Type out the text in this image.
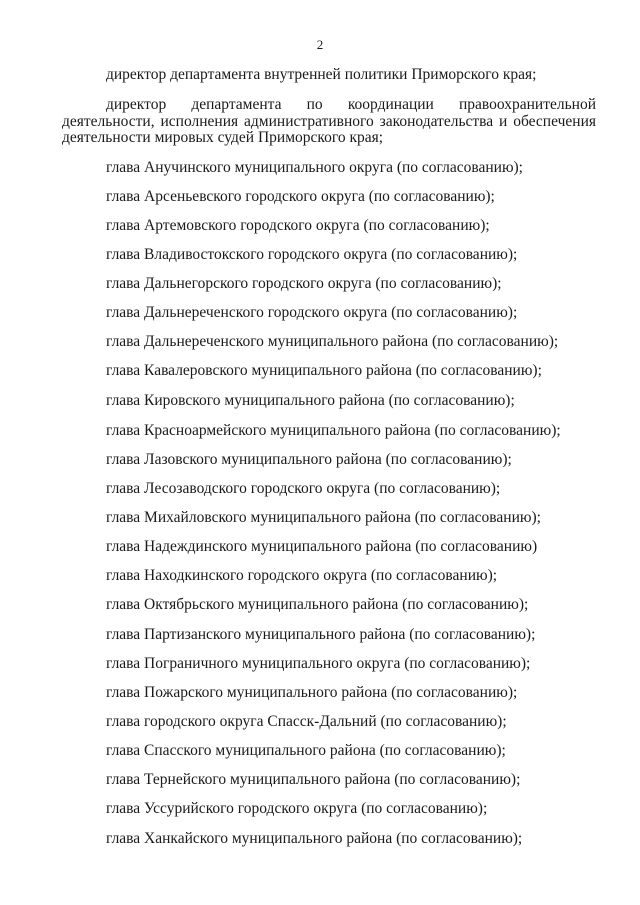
2
директор департамента внутренней политики Приморского края;
директор департамента по координации правоохранительной
деятельности, исполнения административного законодательства и обеспечения
деятельности мировых судей Приморского края;
глава Анучинского муниципального округа (по согласованию);
глава Арсеньевского городского округа (по согласованию);
глава Артемовского городского округа (по согласованию);
глава Владивостокского городского округа (по согласованию);
глава Дальнегорского городского округа (по согласованию);
глава Дальнереченского городского округа (по согласованию);
глава Дальнереченского муниципального района (по согласованию);
глава Кавалеровского муниципального района (по согласованию);
глава Кировского муниципального района (по согласованию);
глава Красноармейского муниципального района (по согласованию);
глава Лазовского муниципального района (по согласованию);
глава Лесозаводского городского округа (по согласованию);
глава Михайловского муниципального района (по согласованию);
глава Надеждинского муниципального района (по согласованию)
глава Находкинского городского округа (по согласованию);
глава Октябрьского муниципального района (по согласованию);
глава Партизанского муниципального района (по согласованию);
глава Пограничного муниципального округа (по согласованию);
глава Пожарского муниципального района (по согласованию);
глава городского округа Спасск-Дальний (по согласованию);
глава Спасского муниципального района (по согласованию);
глава Тернейского муниципального района (по согласованию);
глава Уссурийского городского округа (по согласованию);
глава Ханкайского муниципального района (по согласованию);
